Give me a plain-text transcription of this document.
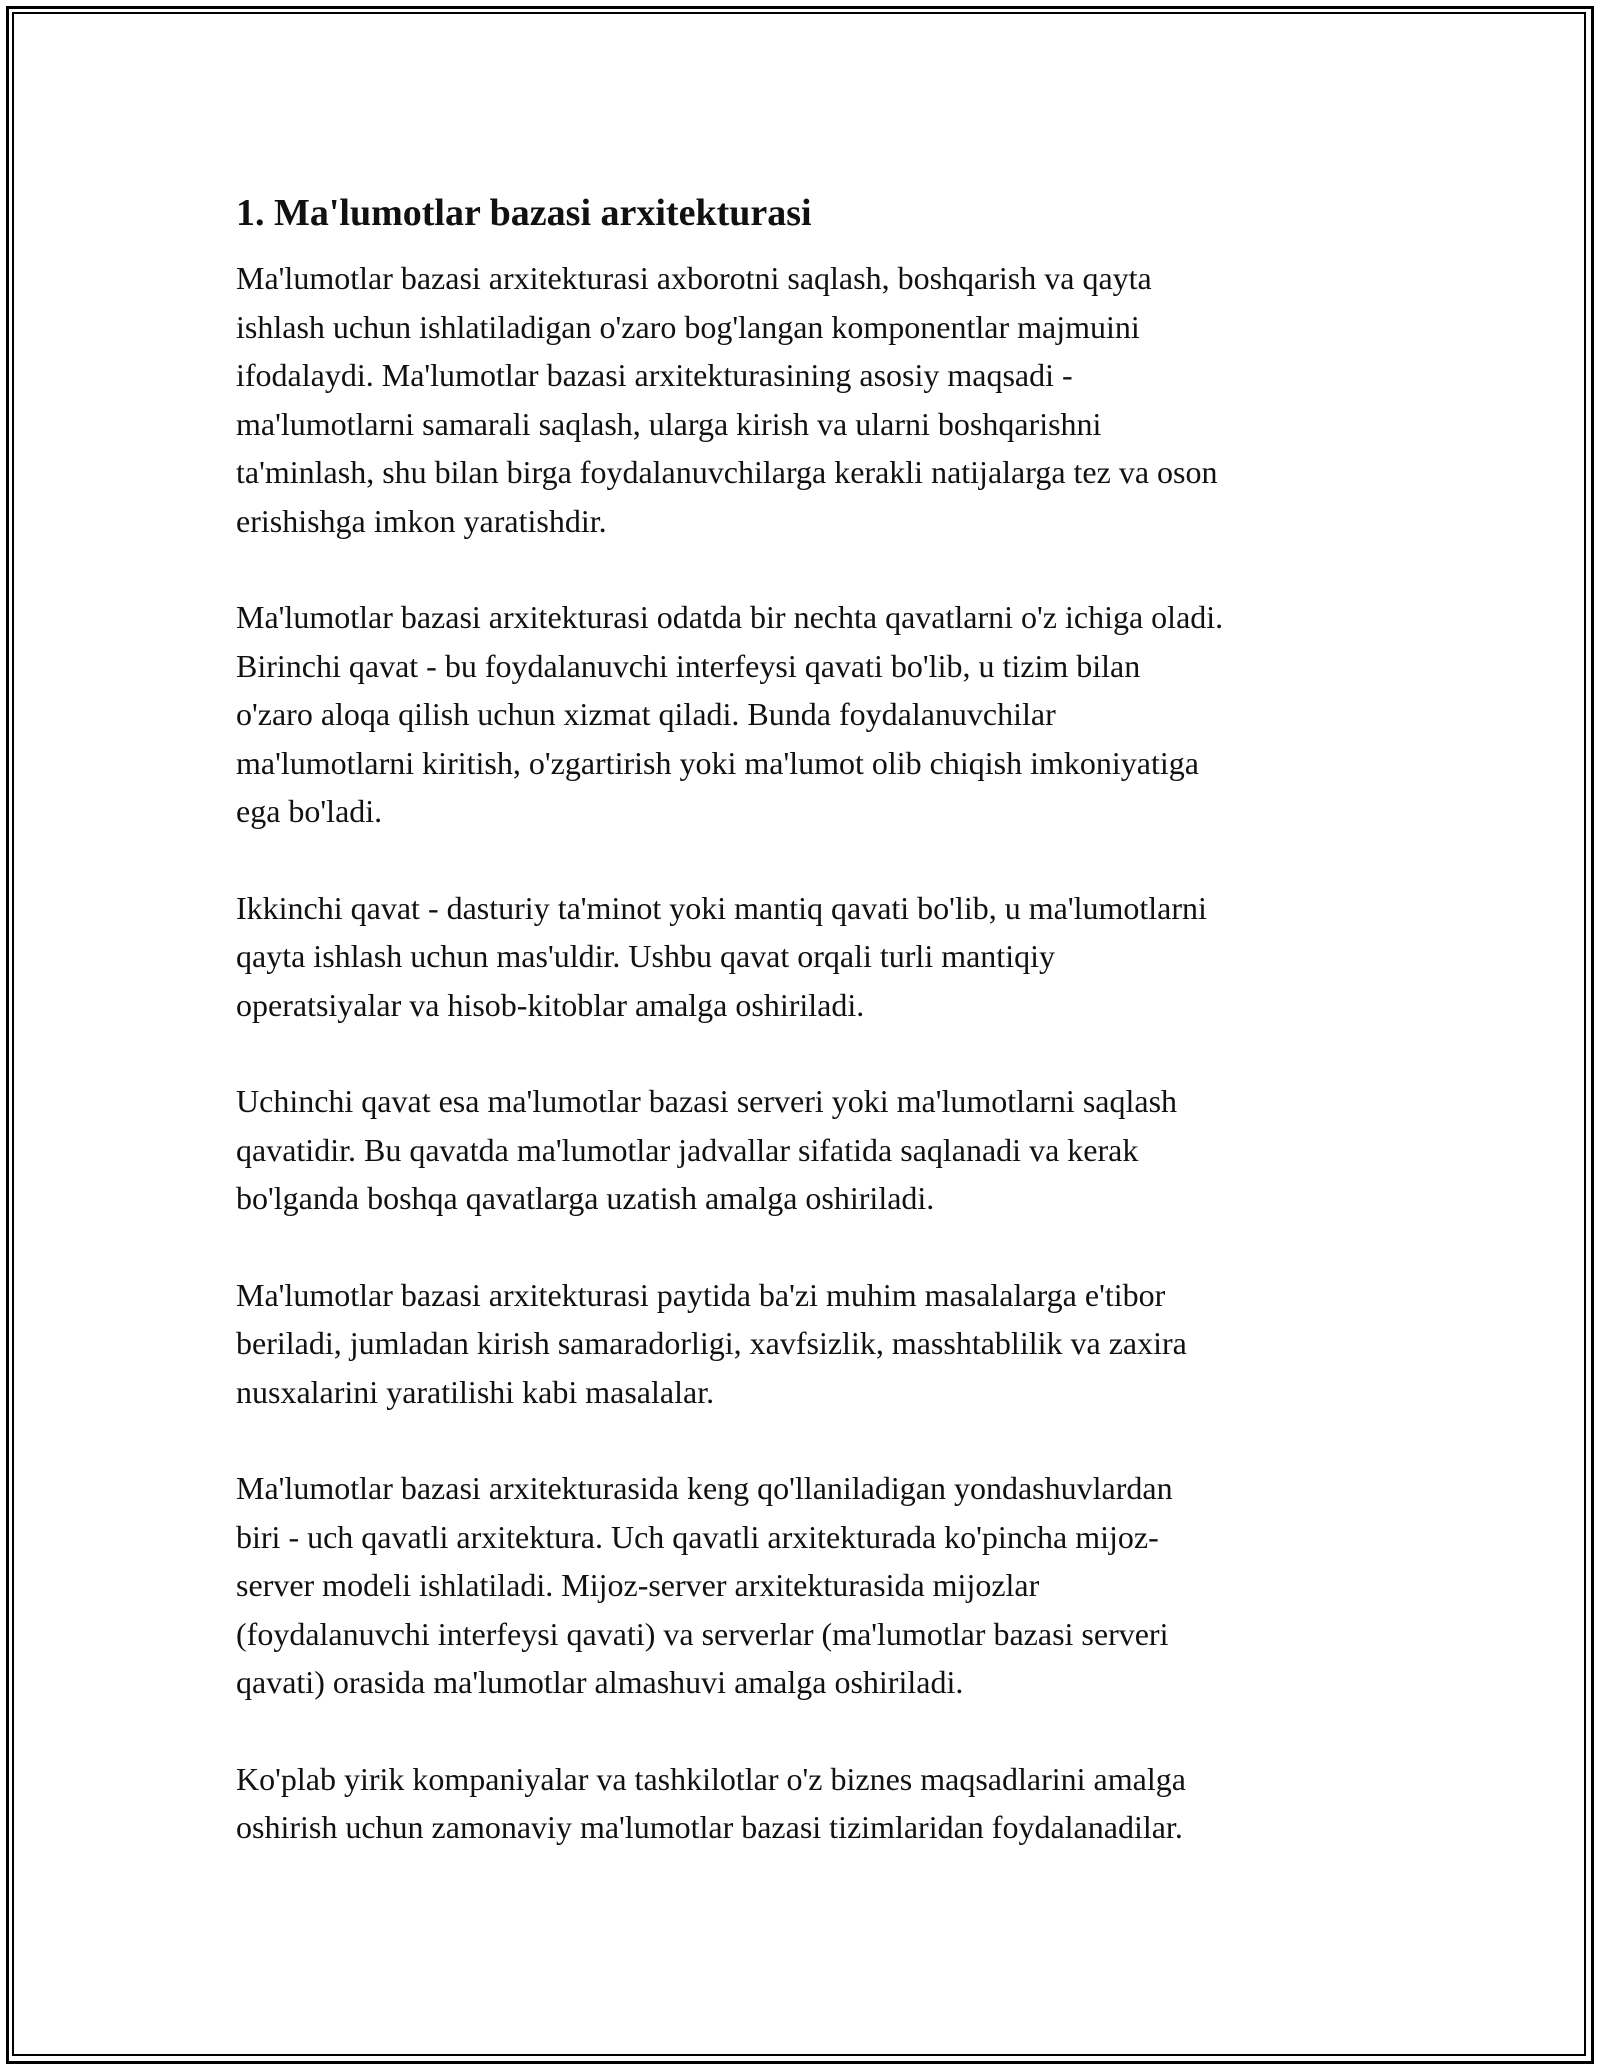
1. Ma'lumotlar bazasi arxitekturasi

Ma'lumotlar bazasi arxitekturasi axborotni saqlash, boshqarish va qayta
ishlash uchun ishlatiladigan o'zaro bog'langan komponentlar majmuini
ifodalaydi. Ma'lumotlar bazasi arxitekturasining asosiy maqsadi -
ma'lumotlarni samarali saqlash, ularga kirish va ularni boshqarishni
ta'minlash, shu bilan birga foydalanuvchilarga kerakli natijalarga tez va oson
erishishga imkon yaratishdir.

Ma'lumotlar bazasi arxitekturasi odatda bir nechta qavatlarni o'z ichiga oladi.
Birinchi qavat - bu foydalanuvchi interfeysi qavati bo'lib, u tizim bilan
o'zaro aloqa qilish uchun xizmat qiladi. Bunda foydalanuvchilar
ma'lumotlarni kiritish, o'zgartirish yoki ma'lumot olib chiqish imkoniyatiga
ega bo'ladi.

Ikkinchi qavat - dasturiy ta'minot yoki mantiq qavati bo'lib, u ma'lumotlarni
qayta ishlash uchun mas'uldir. Ushbu qavat orqali turli mantiqiy
operatsiyalar va hisob-kitoblar amalga oshiriladi.

Uchinchi qavat esa ma'lumotlar bazasi serveri yoki ma'lumotlarni saqlash
qavatidir. Bu qavatda ma'lumotlar jadvallar sifatida saqlanadi va kerak
bo'lganda boshqa qavatlarga uzatish amalga oshiriladi.

Ma'lumotlar bazasi arxitekturasi paytida ba'zi muhim masalalarga e'tibor
beriladi, jumladan kirish samaradorligi, xavfsizlik, masshtablilik va zaxira
nusxalarini yaratilishi kabi masalalar.

Ma'lumotlar bazasi arxitekturasida keng qo'llaniladigan yondashuvlardan
biri - uch qavatli arxitektura. Uch qavatli arxitekturada ko'pincha mijoz-
server modeli ishlatiladi. Mijoz-server arxitekturasida mijozlar
(foydalanuvchi interfeysi qavati) va serverlar (ma'lumotlar bazasi serveri
qavati) orasida ma'lumotlar almashuvi amalga oshiriladi.

Ko'plab yirik kompaniyalar va tashkilotlar o'z biznes maqsadlarini amalga
oshirish uchun zamonaviy ma'lumotlar bazasi tizimlaridan foydalanadilar.
